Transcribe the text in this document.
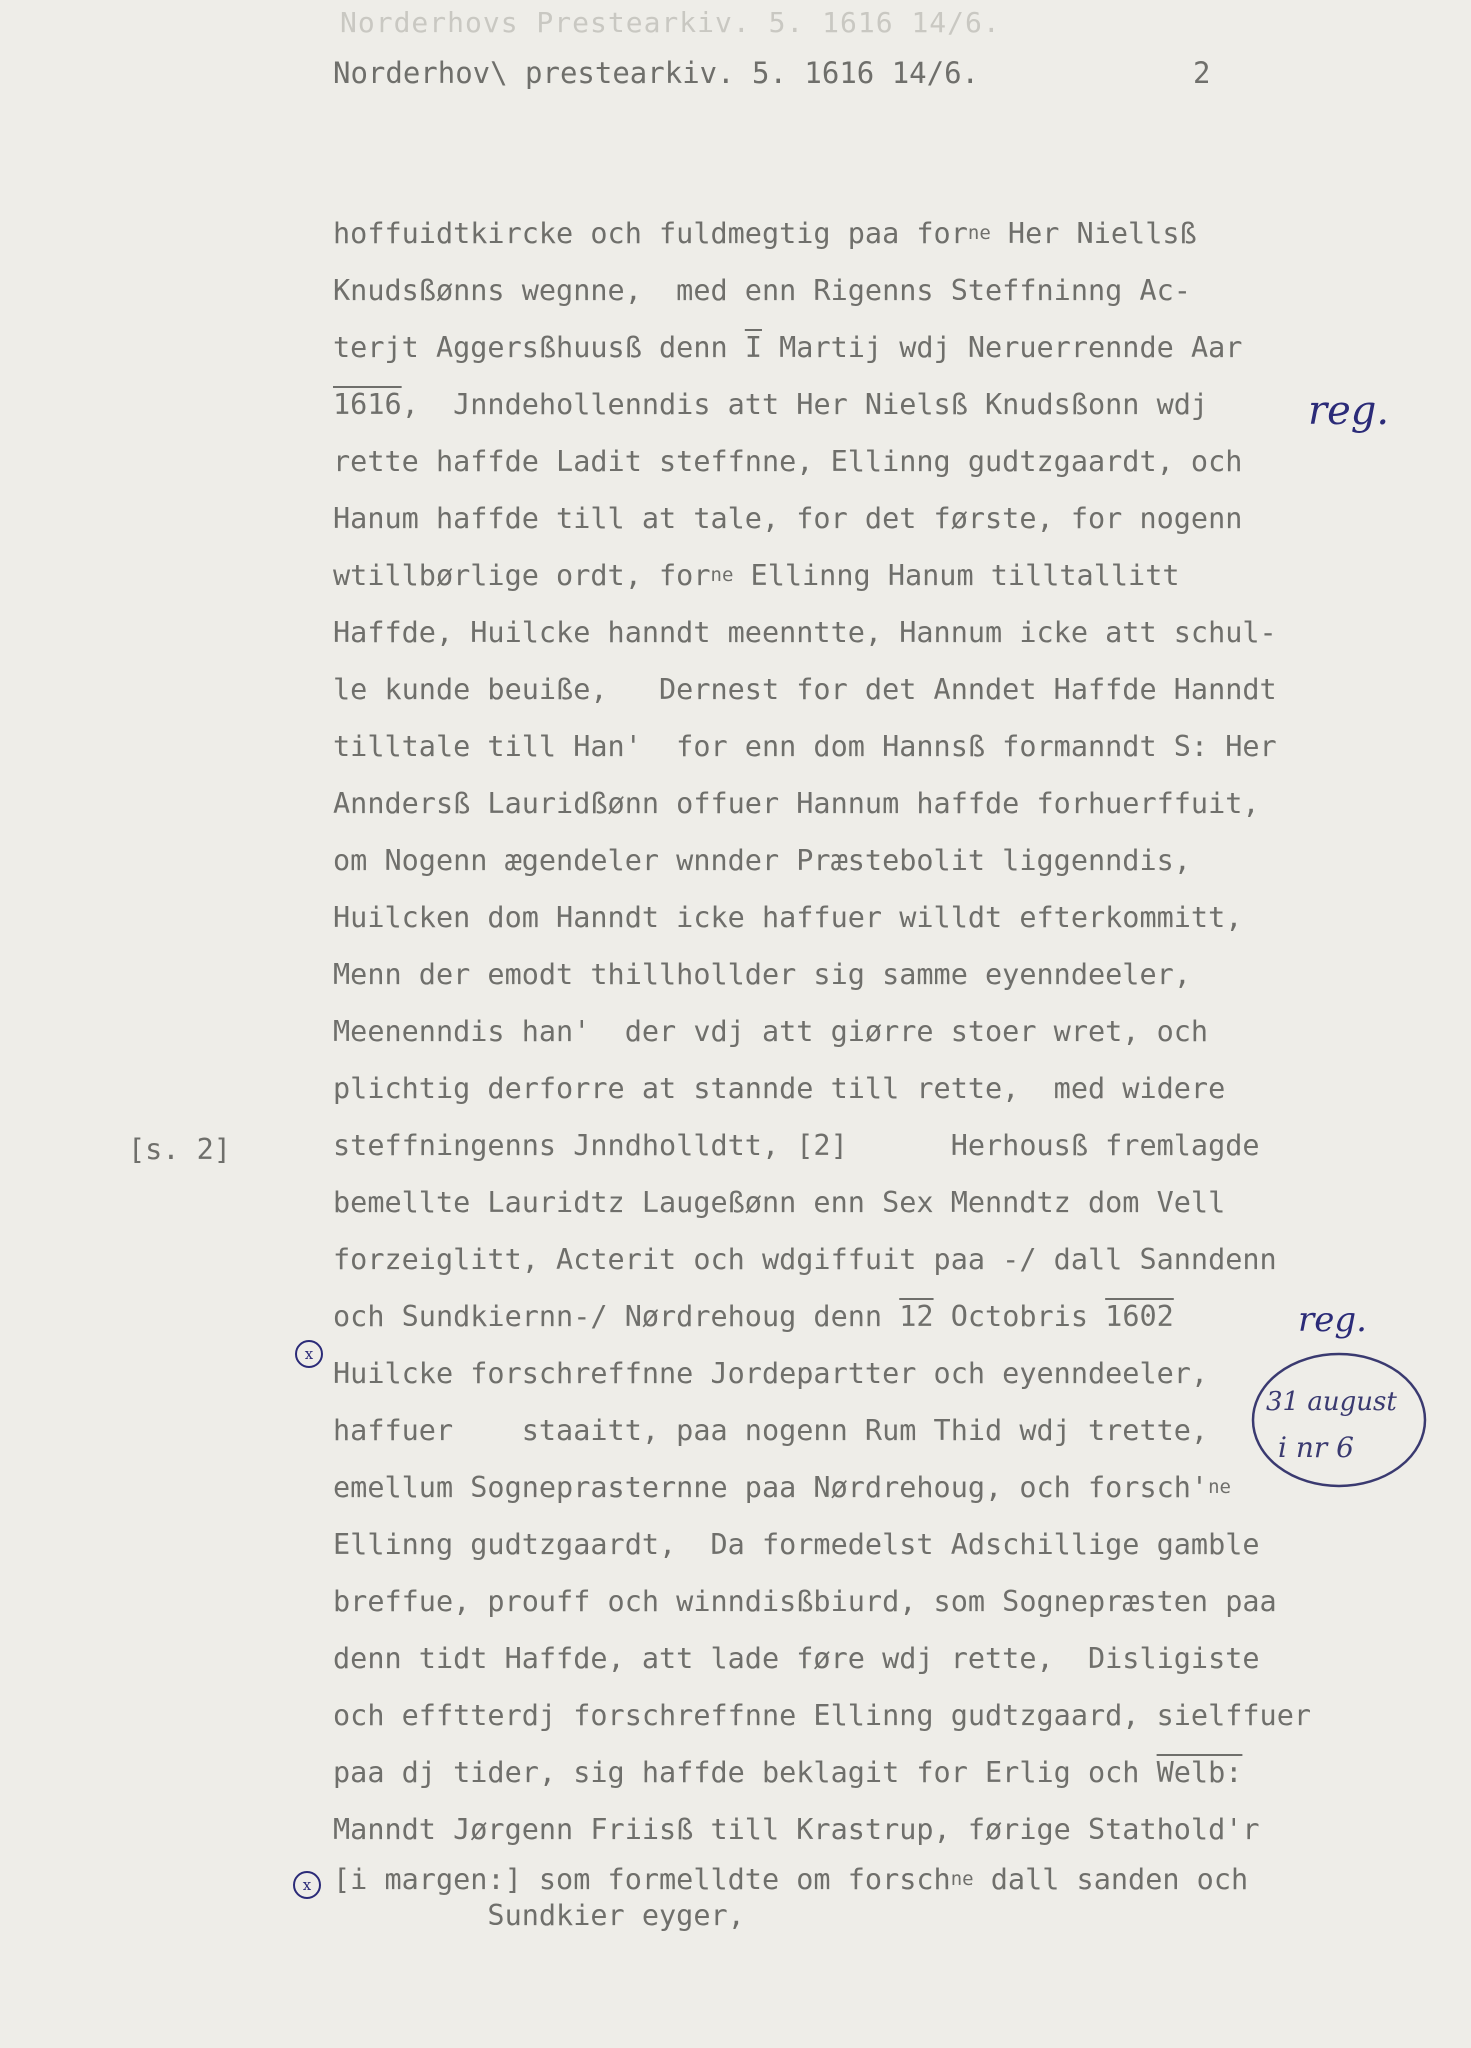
Norderhovs Prestearkiv. 5. 1616 14/6.
Norderhov\ prestearkiv. 5. 1616 14/6.	2
hoffuidtkircke och fuldmegtig paa for$^{ne}$ Her Niellsß
Knudsßønns wegnne,  med enn Rigenns Steffninng Ac-
terjt Aggersßhuusß denn $\overline{I}$ Martij wdj Neruerrennde Aar
1616,  Jnndehollenndis att Her Nielsß Knudsßonn wdj
rette haffde Ladit steffnne, Ellinng gudtzgaardt, och
Hanum haffde till at tale, for det første, for nogenn
wtillbørlige ordt, for$^{ne}$ Ellinng Hanum tilltallitt
Haffde, Huilcke hanndt meenntte, Hannum icke att schul-
le kunde beuiße,   Dernest for det Anndet Haffde Hanndt
tilltale till Han'  for enn dom Hannsß formanndt S: Her
Anndersß Lauridßønn offuer Hannum haffde forhuerffuit,
om Nogenn ægendeler wnnder Præstebolit liggenndis,
Huilcken dom Hanndt icke haffuer willdt efterkommitt,
Menn der emodt thillhollder sig samme eyenndeeler,
Meenenndis han'  der vdj att giørre stoer wret, och
plichtig derforre at stannde till rette,  med widere
steffningenns Jnndholldtt, [2]      Herhousß fremlagde
bemellte Lauridtz Laugeßønn enn Sex Menndtz dom Vell
forzeiglitt, Acterit och wdgiffuit paa -/ dall Sanndenn
och Sundkiernn-/ Nørdrehoug denn 12 Octobris 1602
Huilcke forschreffnne Jordepartter och eyenndeeler,
haffuer    staaitt, paa nogenn Rum Thid wdj trette,
emellum Sogneprasternne paa Nørdrehoug, och $forsch'^{ne}$
Ellinng gudtzgaardt,  Da formedelst Adschillige gamble
breffue, prouff och winndisßbiurd, som Sognepræsten paa
denn tidt Haffde, att lade føre wdj rette,  Disligiste
och efftterdj forschreffnne Ellinng gudtzgaard, sielffuer
paa dj tider, sig haffde beklagit for Erlig och Welb:
Manndt Jørgenn Friisß till Krastrup, førige Stathold'r
[s. 2]
[i margen:] som formelldte om forsch$^{ne}$ dall sanden och
Sundkier eyger,
reg.
reg.
31 august
i nr 6
x
x
